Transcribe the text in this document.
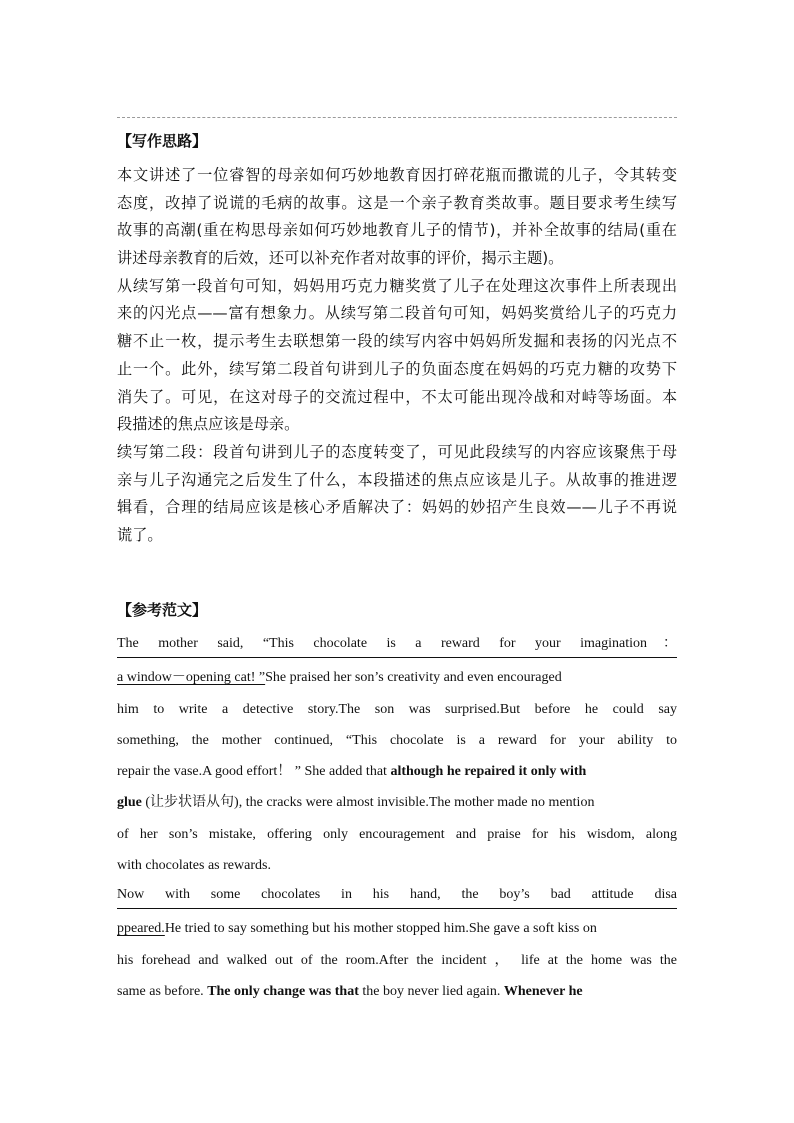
【写作思路】
本文讲述了一位睿智的母亲如何巧妙地教育因打碎花瓶而撒谎的儿子，令其转变
态度，改掉了说谎的毛病的故事。这是一个亲子教育类故事。题目要求考生续写
故事的高潮(重在构思母亲如何巧妙地教育儿子的情节)，并补全故事的结局(重在
讲述母亲教育的后效，还可以补充作者对故事的评价，揭示主题)。
从续写第一段首句可知，妈妈用巧克力糖奖赏了儿子在处理这次事件上所表现出
来的闪光点——富有想象力。从续写第二段首句可知，妈妈奖赏给儿子的巧克力
糖不止一枚，提示考生去联想第一段的续写内容中妈妈所发掘和表扬的闪光点不
止一个。此外，续写第二段首句讲到儿子的负面态度在妈妈的巧克力糖的攻势下
消失了。可见，在这对母子的交流过程中，不太可能出现冷战和对峙等场面。本
段描述的焦点应该是母亲。
续写第二段：段首句讲到儿子的态度转变了，可见此段续写的内容应该聚焦于母
亲与儿子沟通完之后发生了什么，本段描述的焦点应该是儿子。从故事的推进逻
辑看，合理的结局应该是核心矛盾解决了：妈妈的妙招产生良效——儿子不再说
谎了。
【参考范文】
The mother said, “This chocolate is a reward for your imagination：
a window－opening cat! ”She praised her son’s creativity and even encouraged
him to write a detective story.The son was surprised.But before he could say
something, the mother continued, “This chocolate is a reward for your ability to
repair the vase.A good effort！ ” She added that although he repaired it only with
glue (让步状语从句), the cracks were almost invisible.The mother made no mention
of her son’s mistake, offering only encouragement and praise for his wisdom, along
with chocolates as rewards.
Now with some chocolates in his hand, the boy’s bad attitude disa
ppeared.He tried to say something but his mother stopped him.She gave a soft kiss on
his forehead and walked out of the room.After the incident ， life at the home was the
same as before. The only change was that the boy never lied again. Whenever he
